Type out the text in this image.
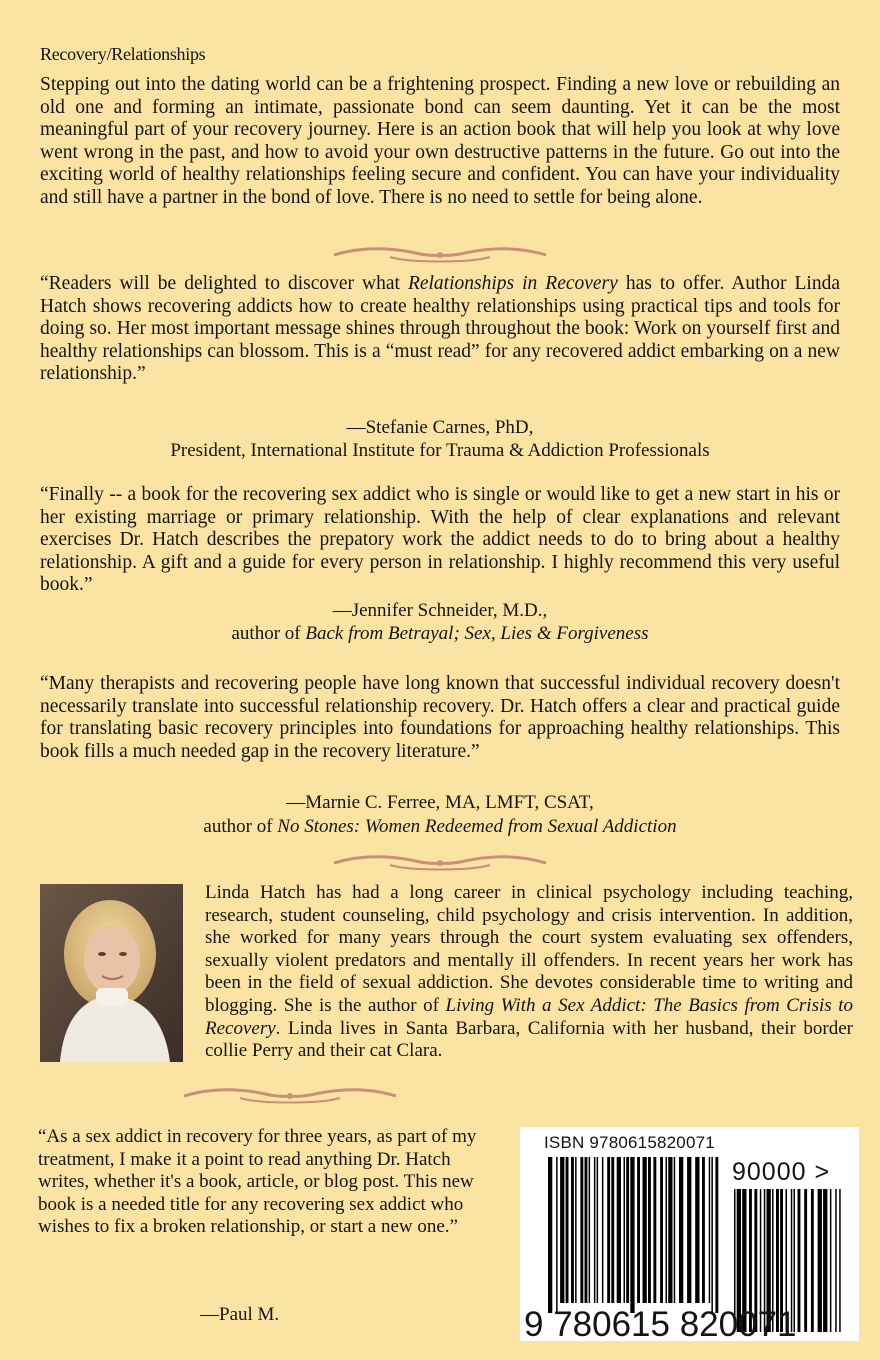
Recovery/Relationships
Stepping out into the dating world can be a frightening prospect. Finding a new love or rebuilding an old one and forming an intimate, passionate bond can seem daunting. Yet it can be the most meaningful part of your recovery journey. Here is an action book that will help you look at why love went wrong in the past, and how to avoid your own destructive patterns in the future. Go out into the exciting world of healthy relationships feeling secure and confident. You can have your individuality and still have a partner in the bond of love. There is no need to settle for being alone.
“Readers will be delighted to discover what Relationships in Recovery has to offer. Author Linda Hatch shows recovering addicts how to create healthy relationships using practical tips and tools for doing so. Her most important message shines through throughout the book: Work on yourself first and healthy relationships can blossom. This is a “must read” for any recovered addict embarking on a new relationship.”
—Stefanie Carnes, PhD,
President, International Institute for Trauma & Addiction Professionals
“Finally -- a book for the recovering sex addict who is single or would like to get a new start in his or her existing marriage or primary relationship. With the help of clear explanations and relevant exercises Dr. Hatch describes the prepatory work the addict needs to do to bring about a healthy relationship. A gift and a guide for every person in relationship. I highly recommend this very useful book.”
—Jennifer Schneider, M.D.,
author of Back from Betrayal; Sex, Lies & Forgiveness
“Many therapists and recovering people have long known that successful individual recovery doesn't necessarily translate into successful relationship recovery. Dr. Hatch offers a clear and practical guide for translating basic recovery principles into foundations for approaching healthy relationships. This book fills a much needed gap in the recovery literature.”
—Marnie C. Ferree, MA, LMFT, CSAT,
author of No Stones: Women Redeemed from Sexual Addiction
Linda Hatch has had a long career in clinical psychology including teaching, research, student counseling, child psychology and crisis intervention. In addition, she worked for many years through the court system evaluating sex offenders, sexually violent predators and mentally ill offenders. In recent years her work has been in the field of sexual addiction. She devotes considerable time to writing and blogging. She is the author of Living With a Sex Addict: The Basics from Crisis to Recovery. Linda lives in Santa Barbara, California with her husband, their border collie Perry and their cat Clara.
“As a sex addict in recovery for three years, as part of my treatment, I make it a point to read anything Dr. Hatch writes, whether it's a book, article, or blog post. This new book is a needed title for any recovering sex addict who wishes to fix a broken relationship, or start a new one.”
—Paul M.
ISBN 9780615820071
90000 >
9 780615 820071
